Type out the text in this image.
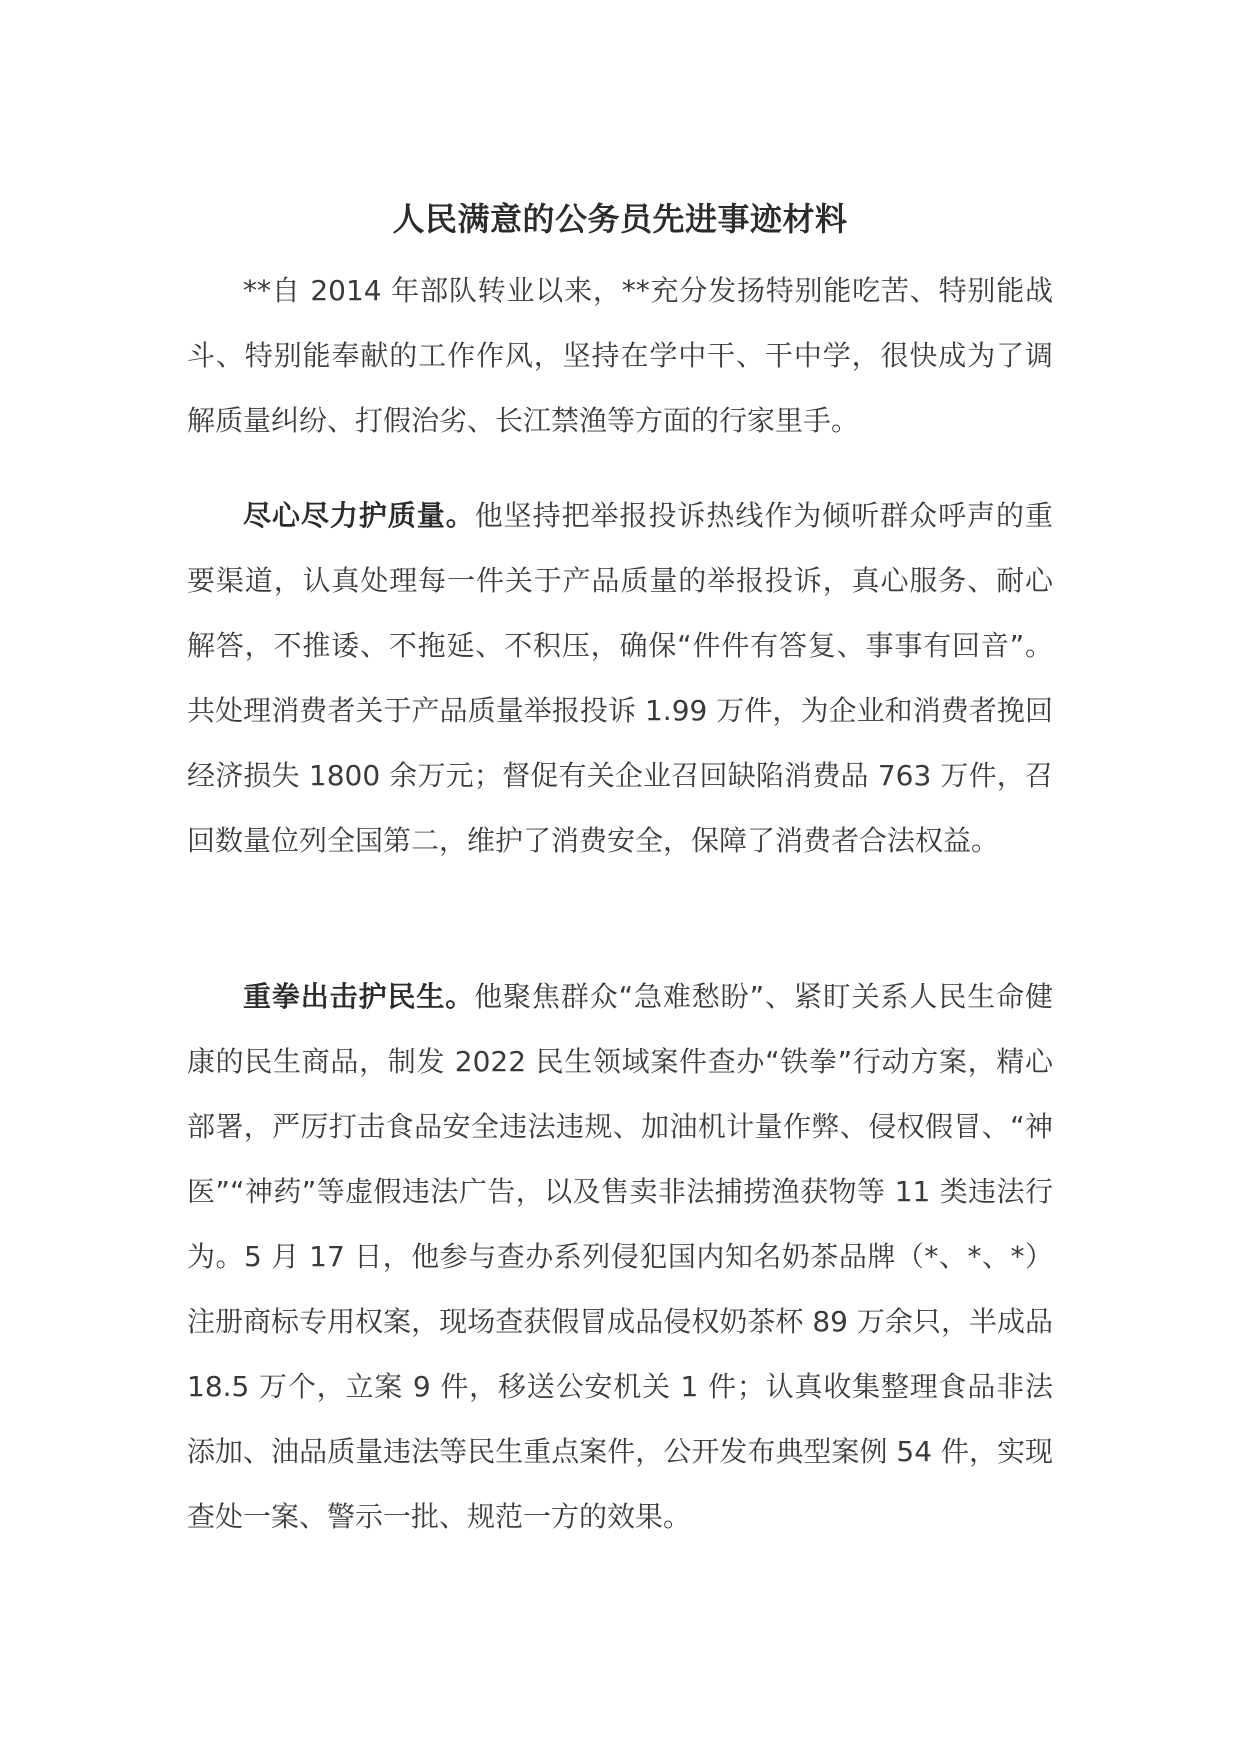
人民满意的公务员先进事迹材料

**自 2014 年部队转业以来，**充分发扬特别能吃苦、特别能战斗、特别能奉献的工作作风，坚持在学中干、干中学，很快成为了调解质量纠纷、打假治劣、长江禁渔等方面的行家里手。

尽心尽力护质量。他坚持把举报投诉热线作为倾听群众呼声的重要渠道，认真处理每一件关于产品质量的举报投诉，真心服务、耐心解答，不推诿、不拖延、不积压，确保“件件有答复、事事有回音”。共处理消费者关于产品质量举报投诉 1.99 万件，为企业和消费者挽回经济损失 1800 余万元；督促有关企业召回缺陷消费品 763 万件，召回数量位列全国第二，维护了消费安全，保障了消费者合法权益。

重拳出击护民生。他聚焦群众“急难愁盼”、紧盯关系人民生命健康的民生商品，制发 2022 民生领域案件查办“铁拳”行动方案，精心部署，严厉打击食品安全违法违规、加油机计量作弊、侵权假冒、“神医”“神药”等虚假违法广告，以及售卖非法捕捞渔获物等 11 类违法行为。5 月 17 日，他参与查办系列侵犯国内知名奶茶品牌（*、*、*）注册商标专用权案，现场查获假冒成品侵权奶茶杯 89 万余只，半成品 18.5 万个，立案 9 件，移送公安机关 1 件；认真收集整理食品非法添加、油品质量违法等民生重点案件，公开发布典型案例 54 件，实现查处一案、警示一批、规范一方的效果。
